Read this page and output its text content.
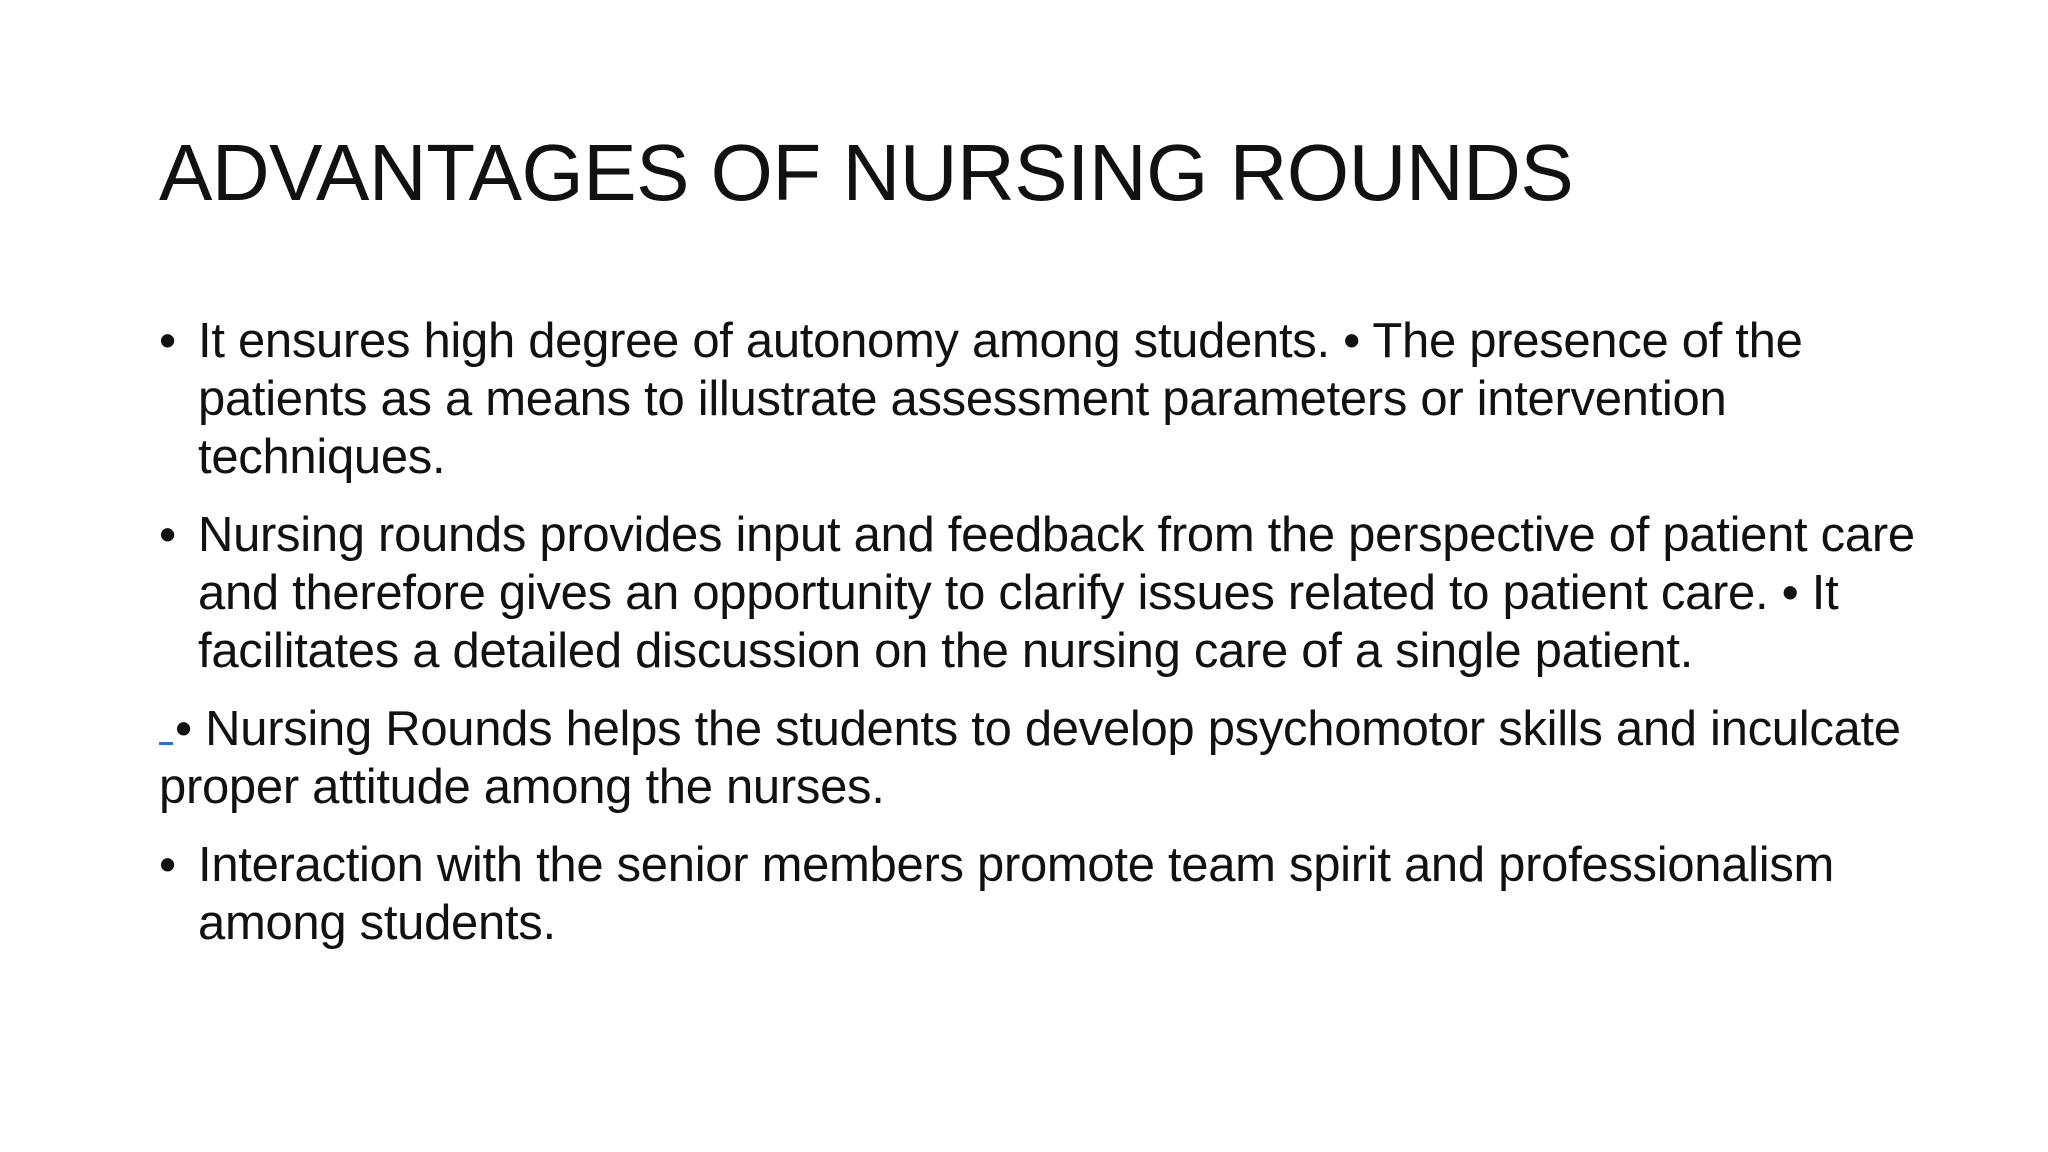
ADVANTAGES OF NURSING ROUNDS
• It ensures high degree of autonomy among students. • The presence of the patients as a means to illustrate assessment parameters or intervention techniques.
• Nursing rounds provides input and feedback from the perspective of patient care and therefore gives an opportunity to clarify issues related to patient care. • It facilitates a detailed discussion on the nursing care of a single patient.
• Nursing Rounds helps the students to develop psychomotor skills and inculcate proper attitude among the nurses.
• Interaction with the senior members promote team spirit and professionalism among students.
